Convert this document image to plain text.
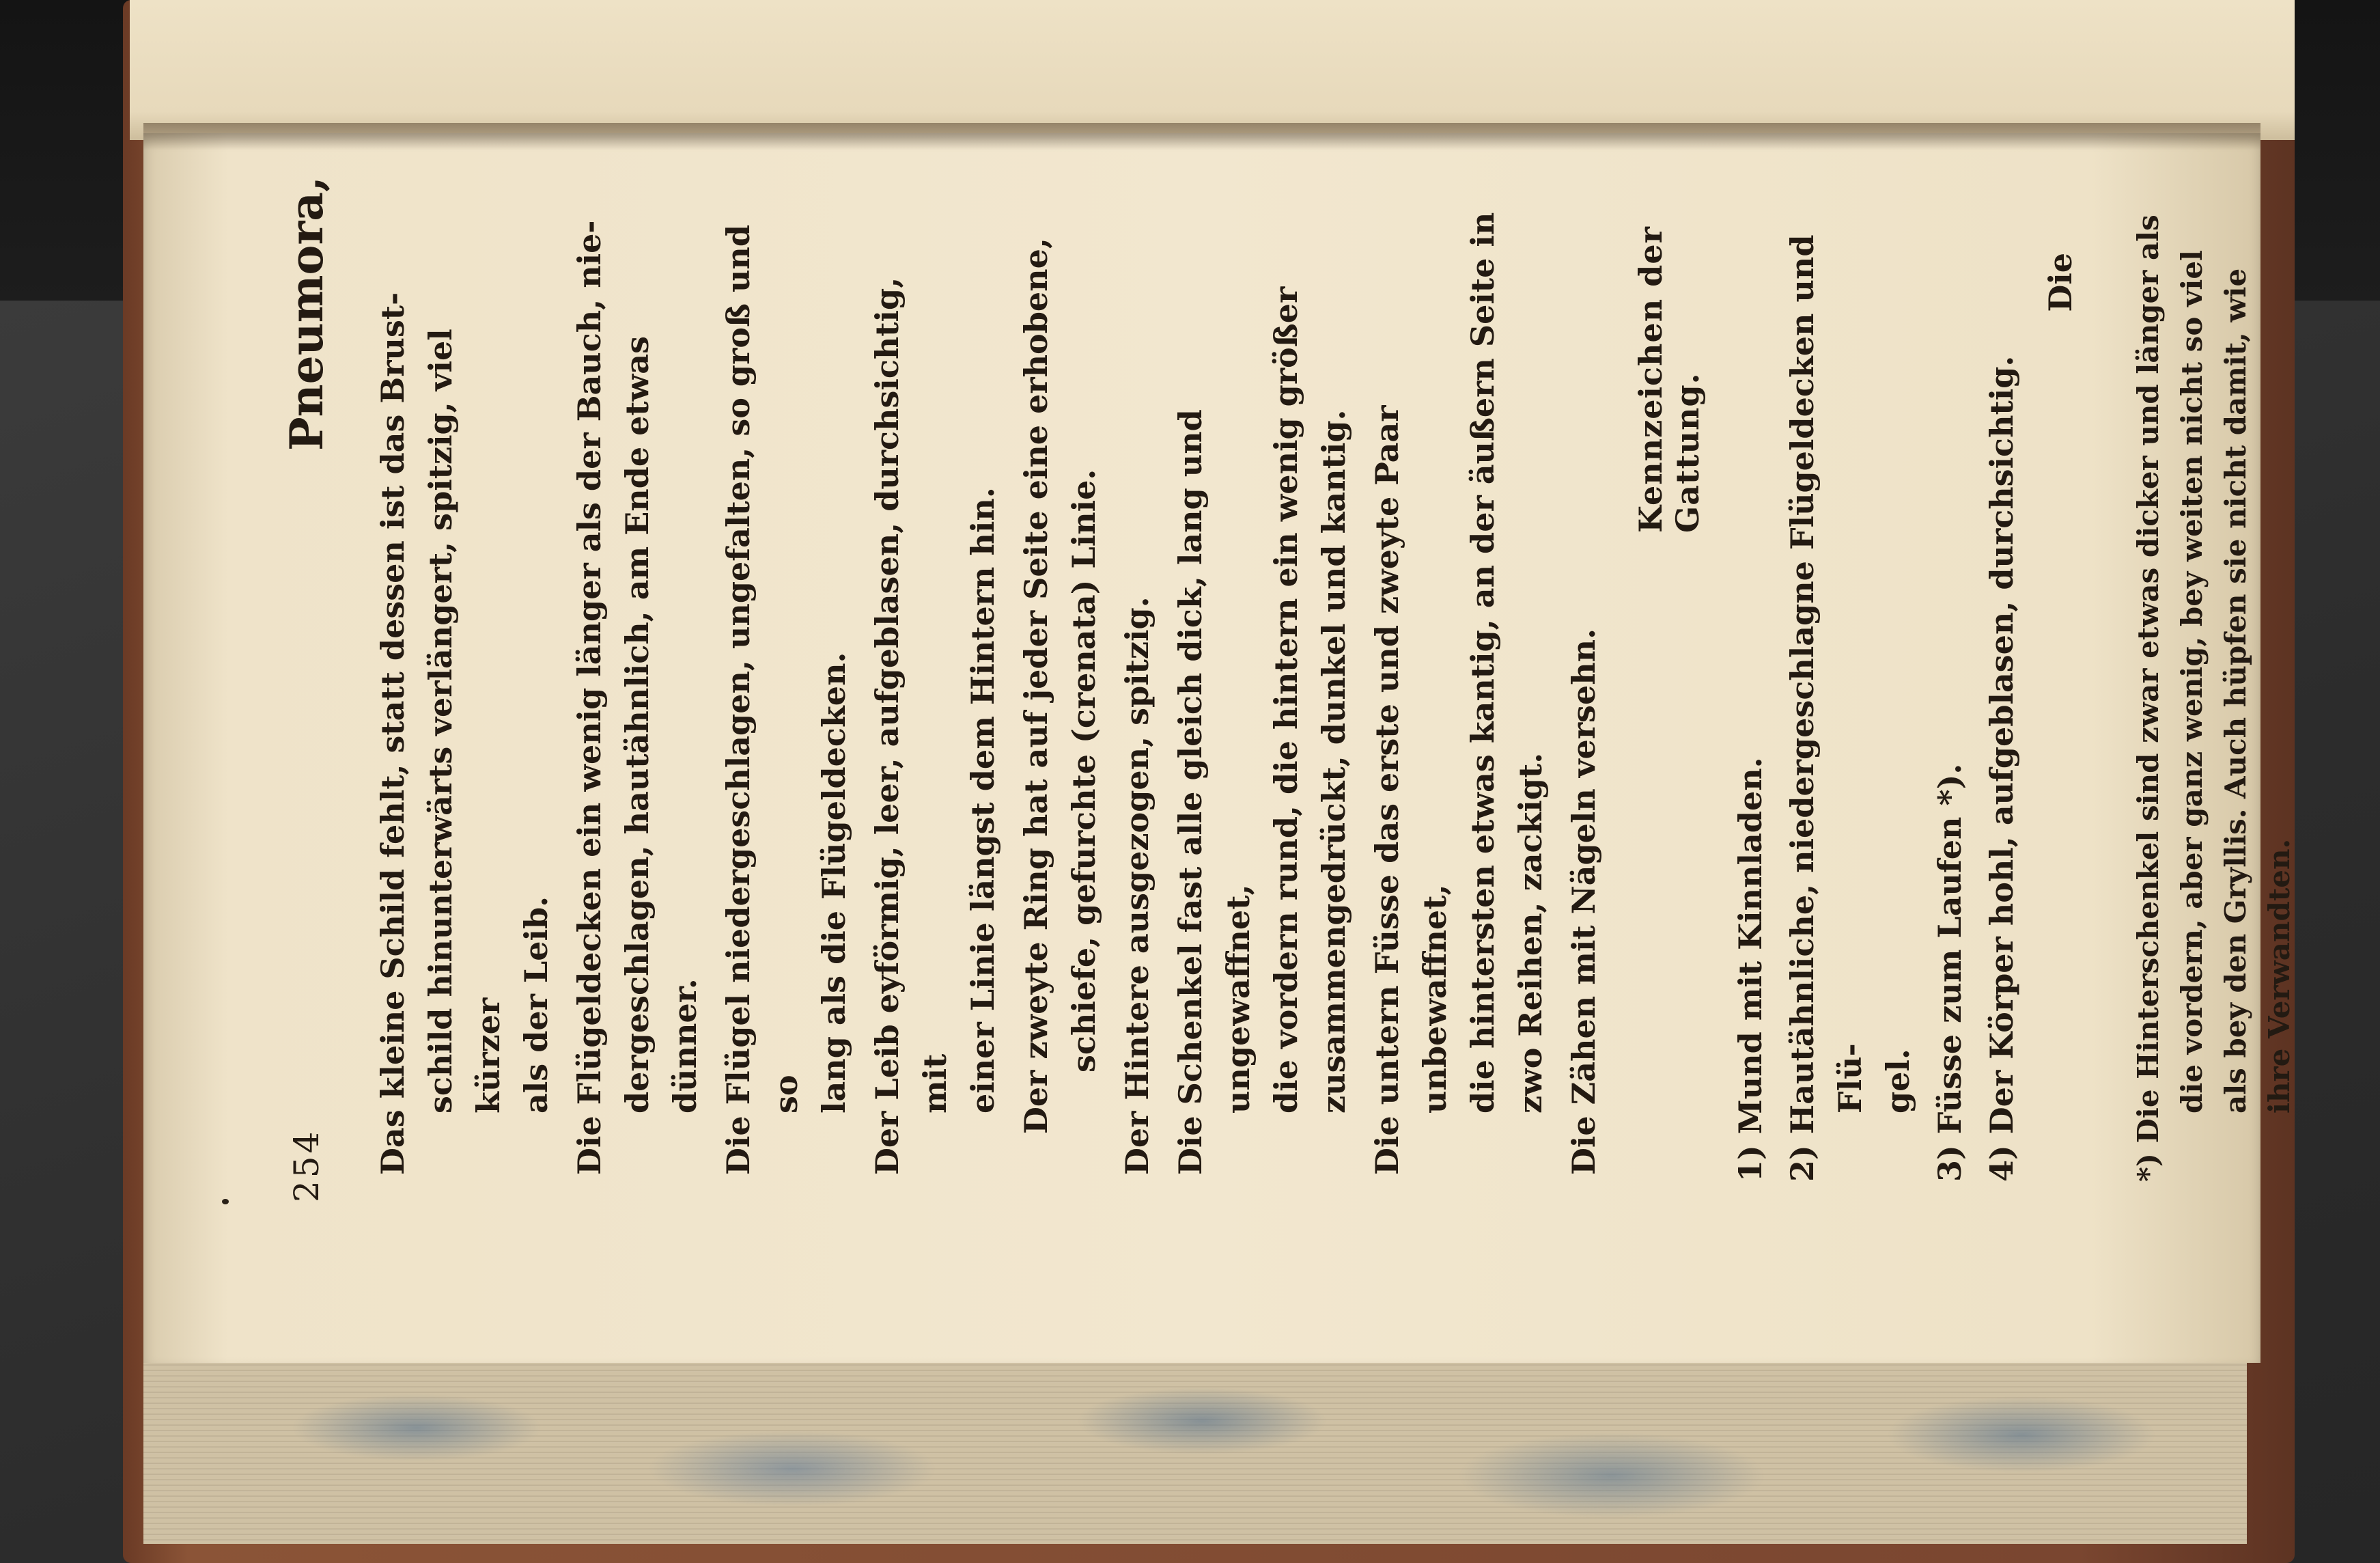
254
Pneumora,
Das kleine Schild fehlt, statt dessen ist das Brust-
schild hinunterwärts verlängert, spitzig, viel kürzer
als der Leib.
Die Flügeldecken ein wenig länger als der Bauch, nie-
dergeschlagen, hautähnlich, am Ende etwas dünner.
Die Flügel niedergeschlagen, ungefalten, so groß und so
lang als die Flügeldecken.
Der Leib eyförmig, leer, aufgeblasen, durchsichtig, mit
einer Linie längst dem Hintern hin.
Der zweyte Ring hat auf jeder Seite eine erhobene,
schiefe, gefurchte (crenata) Linie.
Der Hintere ausgezogen, spitzig. Die Schenkel fast alle gleich dick, lang und ungewaffnet,
die vordern rund, die hintern ein wenig größer
zusammengedrückt, dunkel und kantig.
Die untern Füsse das erste und zweyte Paar unbewaffnet,
die hintersten etwas kantig, an der äußern Seite in
zwo Reihen, zackigt. Die Zähen mit Nägeln versehn.
Kennzeichen der Gattung.
1) Mund mit Kinnladen. 2) Hautähnliche, niedergeschlagne Flügeldecken und Flü-
gel. 3) Füsse zum Laufen *). 4) Der Körper hohl, aufgeblasen, durchsichtig.
Die
*) Die Hinterschenkel sind zwar etwas dicker und länger als
die vordern, aber ganz wenig, bey weiten nicht so viel
als bey den Gryllis. Auch hüpfen sie nicht damit, wie
ihre Verwandten.
